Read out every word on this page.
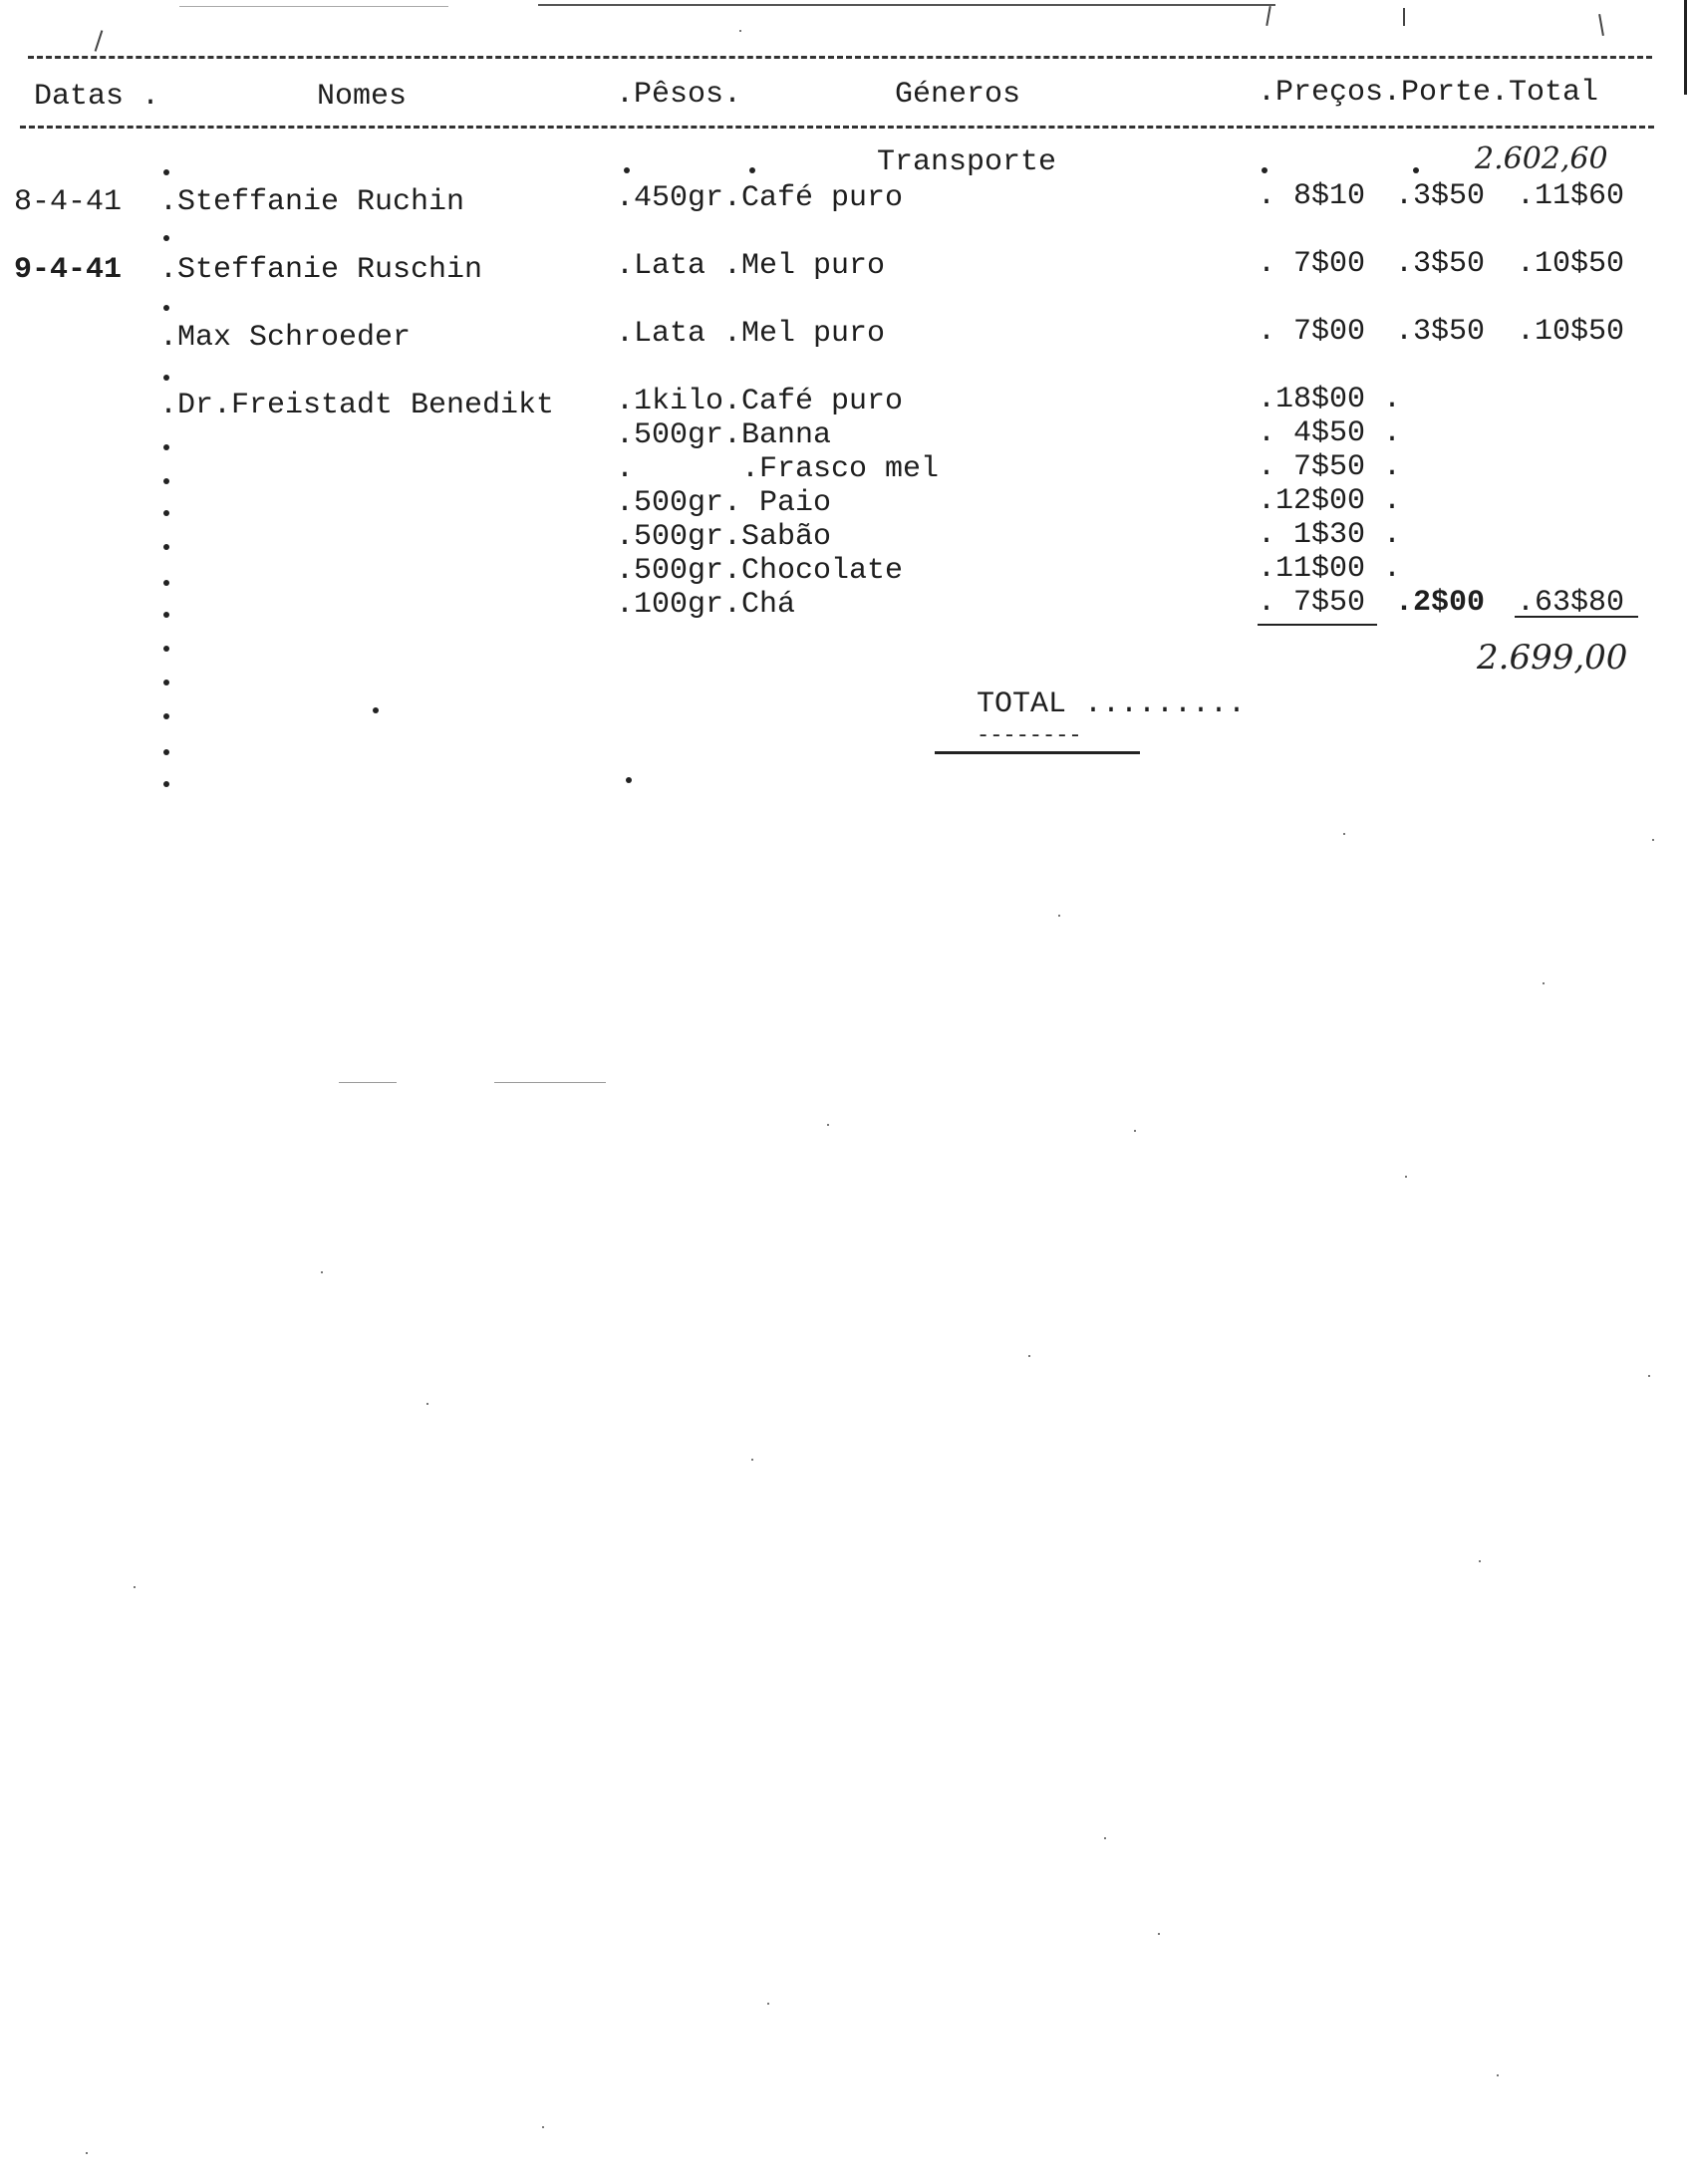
Datas .	Nomes	.Pêsos.	Géneros	.Preços.Porte.Total
Transporte	2.602,60
8-4-41 .Steffanie Ruchin	.450gr.Café puro	. 8$10 .3$50 .11$60
9-4-41 .Steffanie Ruschin	.Lata .Mel puro	. 7$00 .3$50 .10$50
.Max Schroeder	.Lata .Mel puro	. 7$00 .3$50 .10$50
.Dr.Freistadt Benedikt .1kilo.Café puro	.18$00 .
.500gr.Banna	. 4$50 .
.      .Frasco mel	. 7$50 .
.500gr. Paio	.12$00 .
.500gr.Sabão	. 1$30 .
.500gr.Chocolate	.11$00 .
.100gr.Chá	. 7$50 .2$00 .63$80
2.699,00
TOTAL .........
--------
